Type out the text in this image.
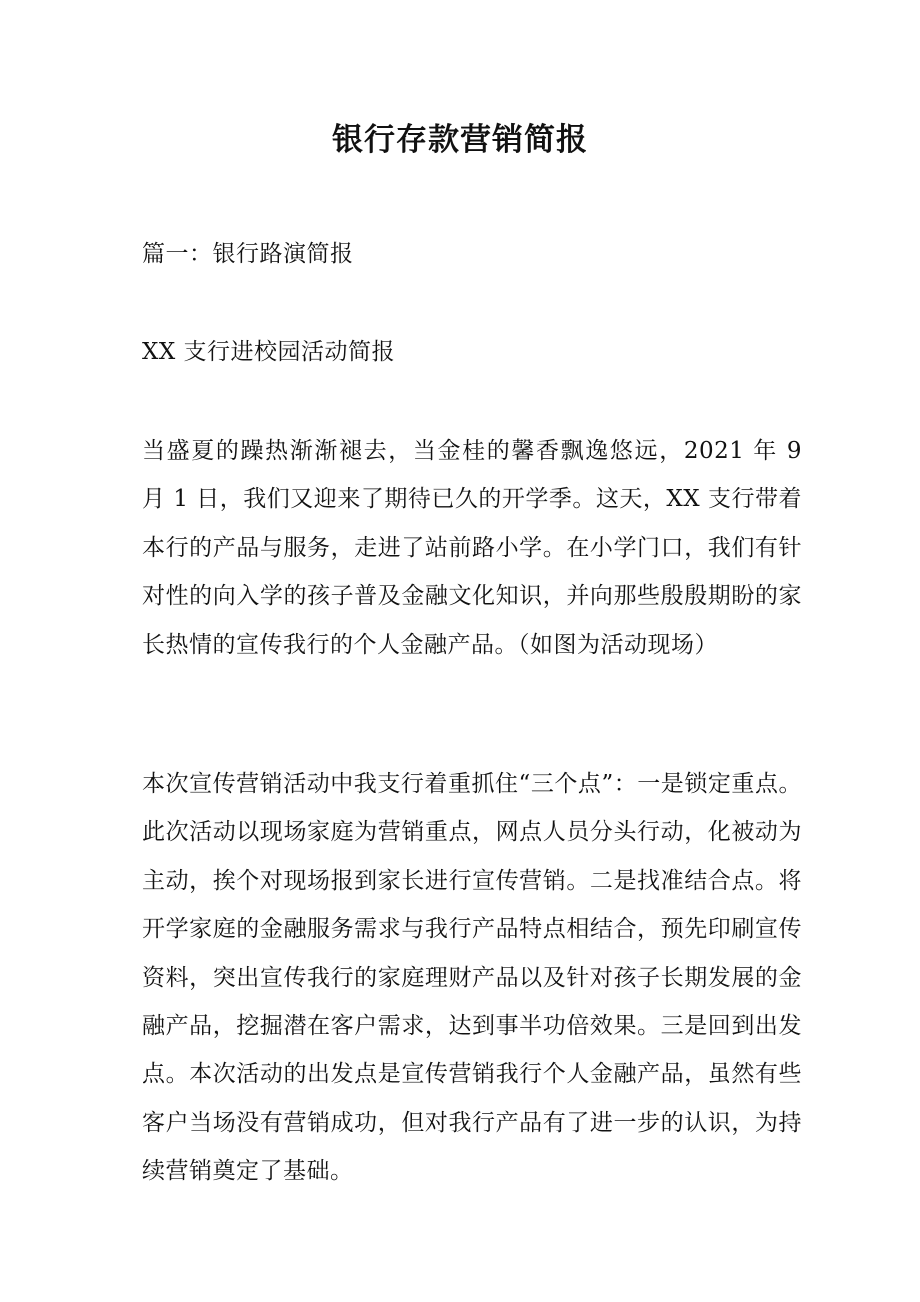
银行存款营销简报

篇一：银行路演简报

XX 支行进校园活动简报

当盛夏的躁热渐渐褪去，当金桂的馨香飘逸悠远，2021 年 9 月 1 日，我们又迎来了期待已久的开学季。这天，XX 支行带着本行的产品与服务，走进了站前路小学。在小学门口，我们有针对性的向入学的孩子普及金融文化知识，并向那些殷殷期盼的家长热情的宣传我行的个人金融产品。（如图为活动现场）

本次宣传营销活动中我支行着重抓住“三个点”：一是锁定重点。此次活动以现场家庭为营销重点，网点人员分头行动，化被动为主动，挨个对现场报到家长进行宣传营销。二是找准结合点。将开学家庭的金融服务需求与我行产品特点相结合，预先印刷宣传资料，突出宣传我行的家庭理财产品以及针对孩子长期发展的金融产品，挖掘潜在客户需求，达到事半功倍效果。三是回到出发点。本次活动的出发点是宣传营销我行个人金融产品，虽然有些客户当场没有营销成功，但对我行产品有了进一步的认识，为持续营销奠定了基础。
